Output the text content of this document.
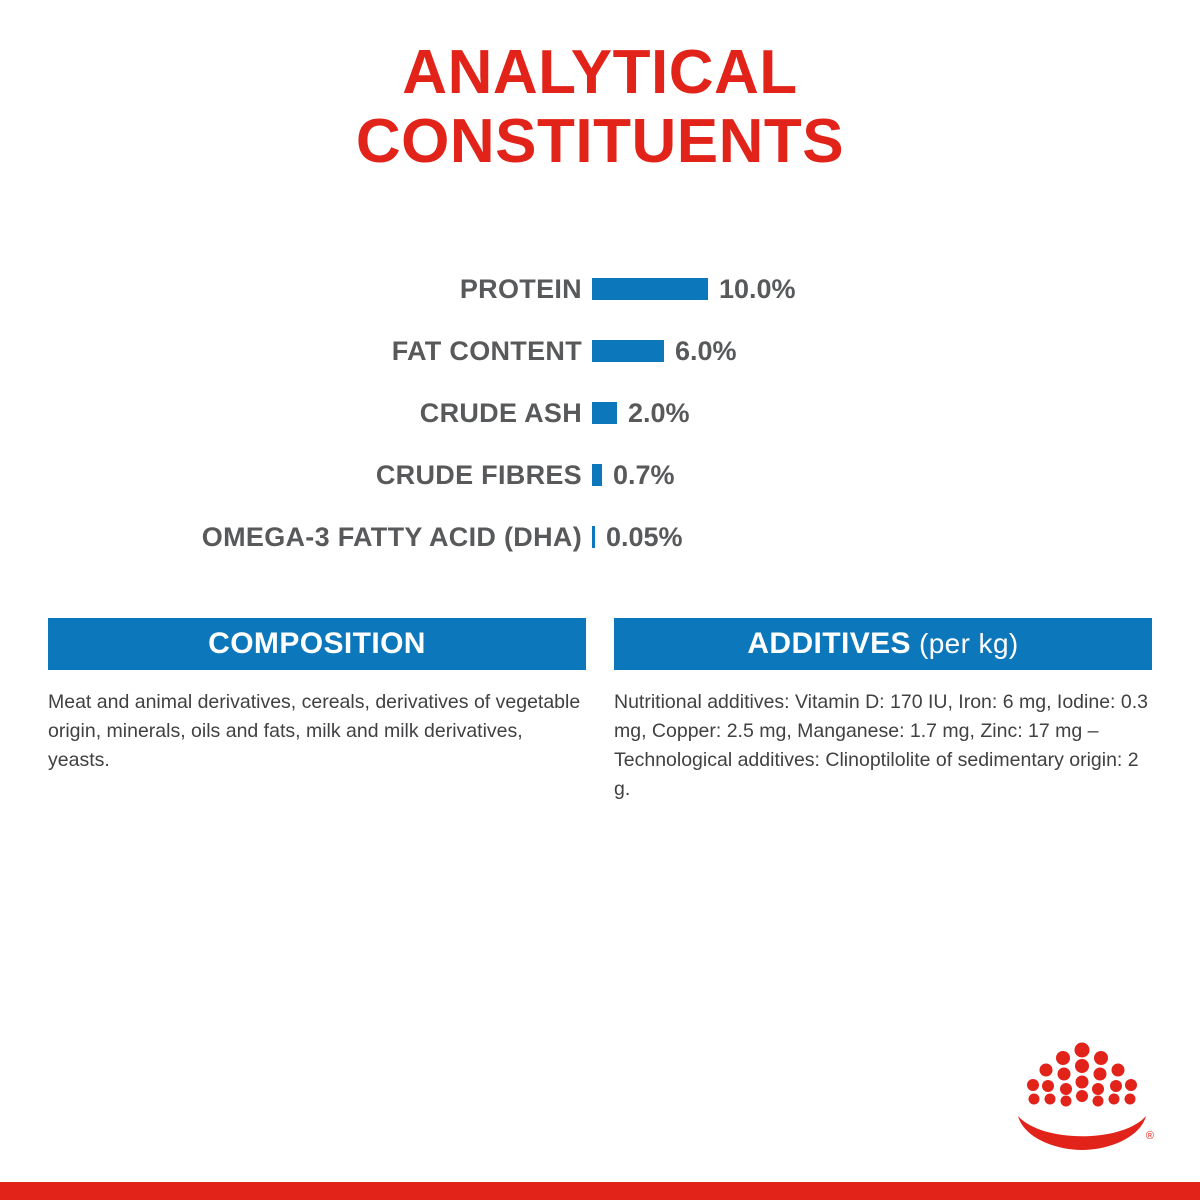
ANALYTICAL
CONSTITUENTS
PROTEIN	10.0%
FAT CONTENT	6.0%
CRUDE ASH	2.0%
CRUDE FIBRES	0.7%
OMEGA-3 FATTY ACID (DHA) 0.05%
COMPOSITION
Meat and animal derivatives, cereals, derivatives of vegetable origin, minerals, oils and fats, milk and milk derivatives, yeasts.
ADDITIVES (per kg)
Nutritional additives: Vitamin D: 170 IU, Iron: 6 mg, Iodine: 0.3 mg, Copper: 2.5 mg, Manganese: 1.7 mg, Zinc: 17 mg – Technological additives: Clinoptilolite of sedimentary origin: 2 g.
®
